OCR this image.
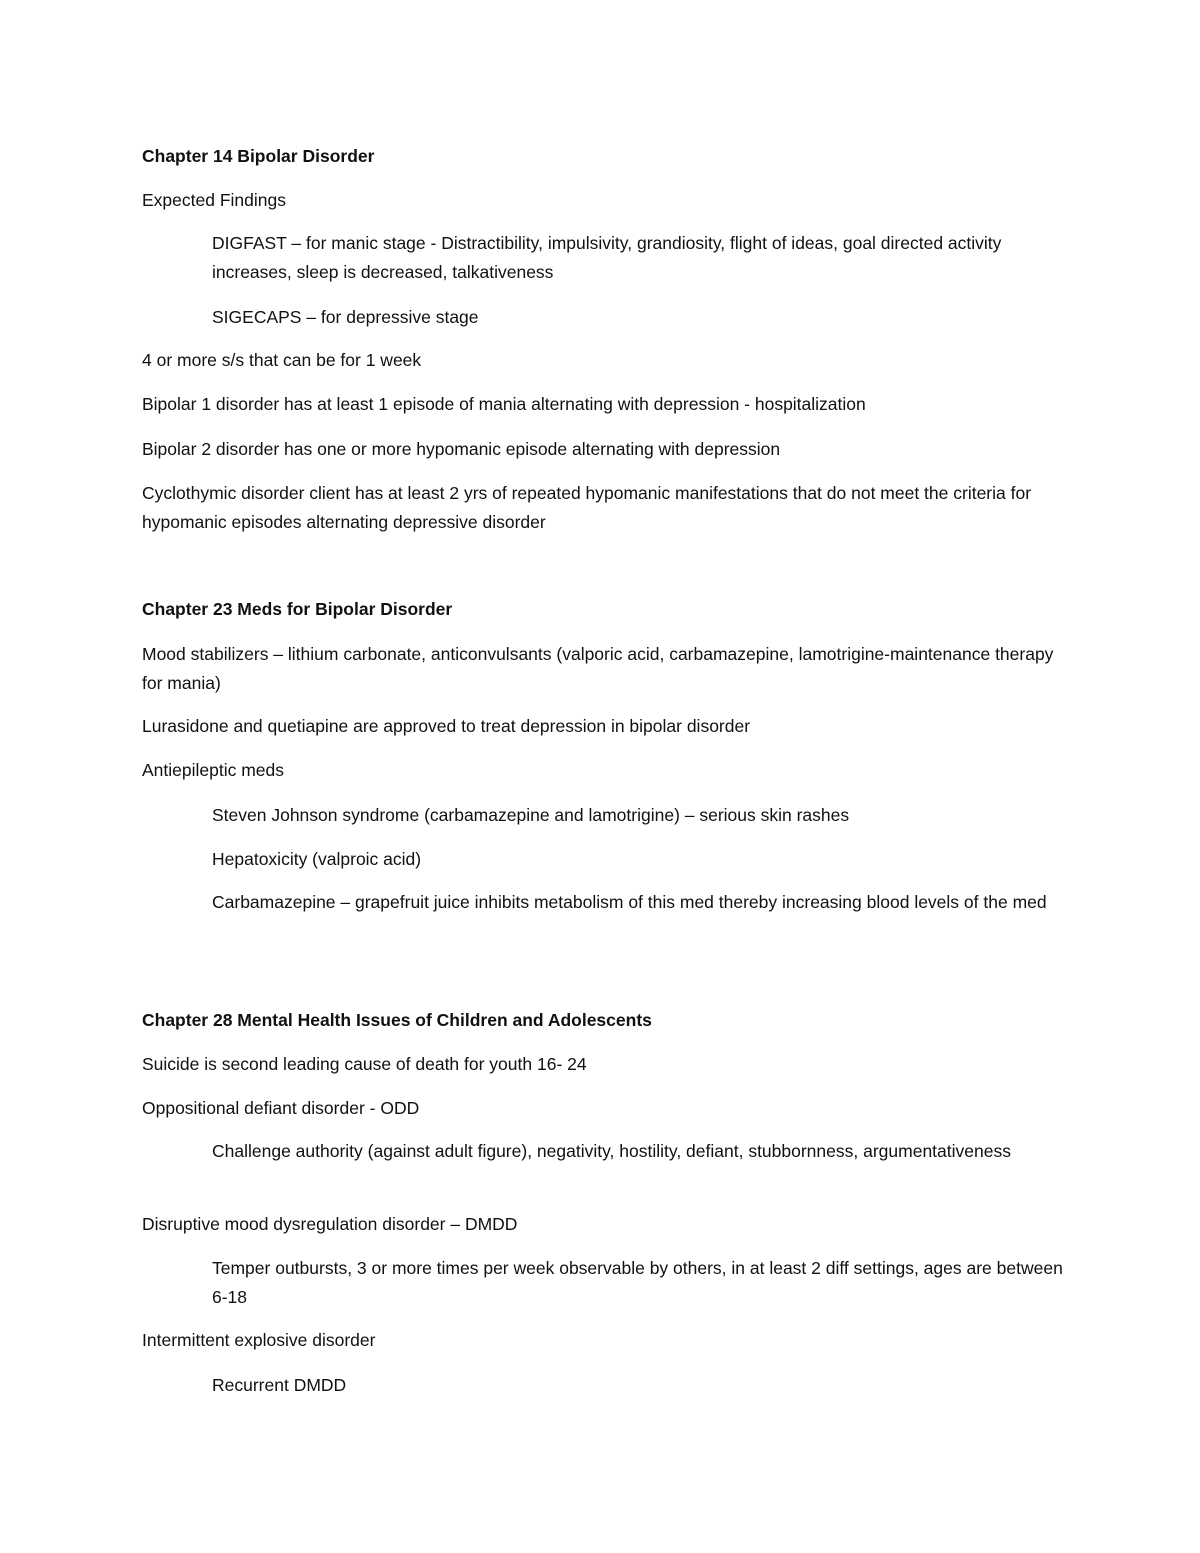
Chapter 14 Bipolar Disorder

Expected Findings

DIGFAST – for manic stage - Distractibility, impulsivity, grandiosity, flight of ideas, goal directed activity increases, sleep is decreased, talkativeness

SIGECAPS – for depressive stage

4 or more s/s that can be for 1 week

Bipolar 1 disorder has at least 1 episode of mania alternating with depression - hospitalization

Bipolar 2 disorder has one or more hypomanic episode alternating with depression

Cyclothymic disorder client has at least 2 yrs of repeated hypomanic manifestations that do not meet the criteria for hypomanic episodes alternating depressive disorder

Chapter 23 Meds for Bipolar Disorder

Mood stabilizers – lithium carbonate, anticonvulsants (valporic acid, carbamazepine, lamotrigine-maintenance therapy for mania)

Lurasidone and quetiapine are approved to treat depression in bipolar disorder

Antiepileptic meds

Steven Johnson syndrome (carbamazepine and lamotrigine) – serious skin rashes

Hepatoxicity (valproic acid)

Carbamazepine – grapefruit juice inhibits metabolism of this med thereby increasing blood levels of the med

Chapter 28 Mental Health Issues of Children and Adolescents

Suicide is second leading cause of death for youth 16- 24

Oppositional defiant disorder - ODD

Challenge authority (against adult figure), negativity, hostility, defiant, stubbornness, argumentativeness

Disruptive mood dysregulation disorder – DMDD

Temper outbursts, 3 or more times per week observable by others, in at least 2 diff settings, ages are between 6-18

Intermittent explosive disorder

Recurrent DMDD
